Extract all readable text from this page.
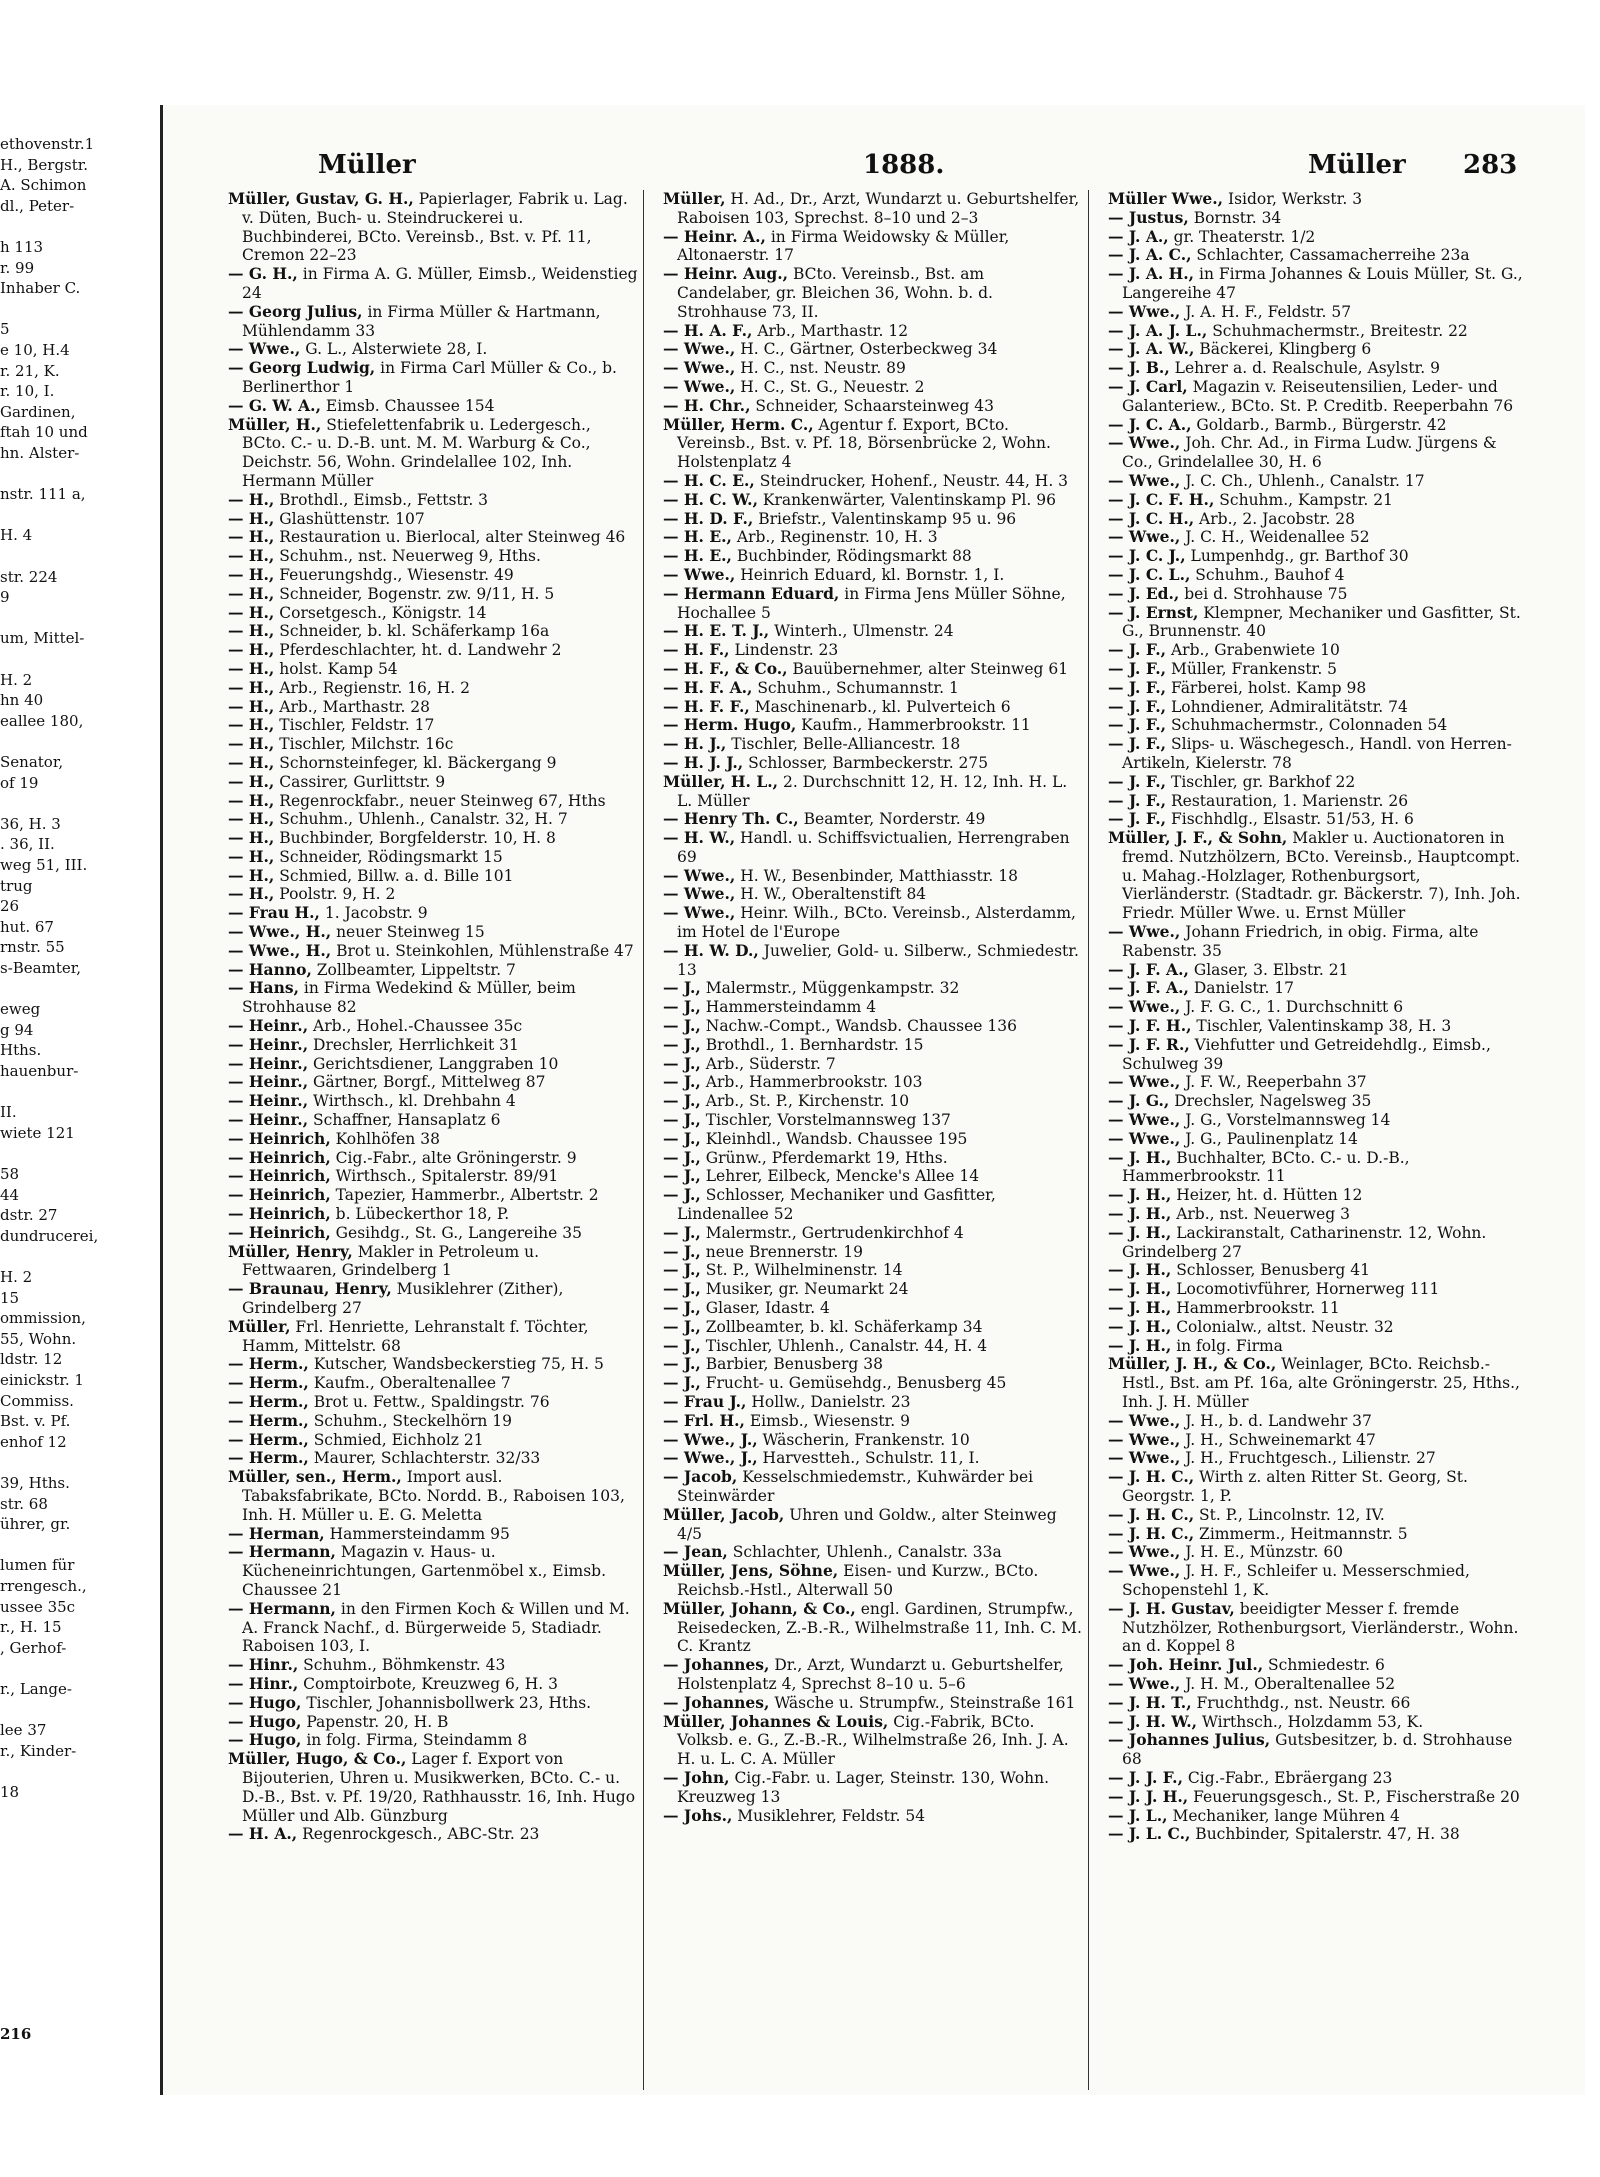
ethovenstr.1
H., Bergstr.
A. Schimon
dl., Peter-
h 113
r. 99
Inhaber C.
5
e 10, H.4
r. 21, K.
r. 10, I.
Gardinen,
ftah 10 und
hn. Alster-
nstr. 111 a,
H. 4
str. 224
9
um, Mittel-
H. 2
hn 40
eallee 180,
Senator,
of 19
36, H. 3
. 36, II.
weg 51, III.
trug
26
hut. 67
rnstr. 55
s-Beamter,
eweg
g 94
Hths.
hauenbur-
II.
wiete 121
58
44
dstr. 27
dundrucerei,
H. 2
15
ommission,
55, Wohn.
ldstr. 12
einickstr. 1
Commiss.
Bst. v. Pf.
enhof 12
39, Hths.
str. 68
ührer, gr.
lumen für
rrengesch.,
ussee 35c
r., H. 15
, Gerhof-
r., Lange-
lee 37
r., Kinder-
18
216
Müller	1888.	Müller 283

Müller, Gustav, G. H., Papierlager, Fabrik u. Lag. v. Düten, Buch- u. Steindruckerei u. Buchbinderei, BCto. Vereinsb., Bst. v. Pf. 11, Cremon 22–23

— G. H., in Firma A. G. Müller, Eimsb., Weidenstieg 24

— Georg Julius, in Firma Müller & Hartmann, Mühlendamm 33

— Wwe., G. L., Alsterwiete 28, I.

— Georg Ludwig, in Firma Carl Müller & Co., b. Berlinerthor 1

— G. W. A., Eimsb. Chaussee 154

Müller, H., Stiefelettenfabrik u. Ledergesch., BCto. C.- u. D.-B. unt. M. M. Warburg & Co., Deichstr. 56, Wohn. Grindelallee 102, Inh. Hermann Müller

— H., Brothdl., Eimsb., Fettstr. 3

— H., Glashüttenstr. 107

— H., Restauration u. Bierlocal, alter Steinweg 46

— H., Schuhm., nst. Neuerweg 9, Hths.

— H., Feuerungshdg., Wiesenstr. 49

— H., Schneider, Bogenstr. zw. 9/11, H. 5

— H., Corsetgesch., Königstr. 14

— H., Schneider, b. kl. Schäferkamp 16a

— H., Pferdeschlachter, ht. d. Landwehr 2

— H., holst. Kamp 54

— H., Arb., Regienstr. 16, H. 2

— H., Arb., Marthastr. 28

— H., Tischler, Feldstr. 17

— H., Tischler, Milchstr. 16c

— H., Schornsteinfeger, kl. Bäckergang 9

— H., Cassirer, Gurlittstr. 9

— H., Regenrockfabr., neuer Steinweg 67, Hths

— H., Schuhm., Uhlenh., Canalstr. 32, H. 7

— H., Buchbinder, Borgfelderstr. 10, H. 8

— H., Schneider, Rödingsmarkt 15

— H., Schmied, Billw. a. d. Bille 101

— H., Poolstr. 9, H. 2

— Frau H., 1. Jacobstr. 9

— Wwe., H., neuer Steinweg 15

— Wwe., H., Brot u. Steinkohlen, Mühlenstraße 47

— Hanno, Zollbeamter, Lippeltstr. 7

— Hans, in Firma Wedekind & Müller, beim Strohhause 82

— Heinr., Arb., Hohel.-Chaussee 35c

— Heinr., Drechsler, Herrlichkeit 31

— Heinr., Gerichtsdiener, Langgraben 10

— Heinr., Gärtner, Borgf., Mittelweg 87

— Heinr., Wirthsch., kl. Drehbahn 4

— Heinr., Schaffner, Hansaplatz 6

— Heinrich, Kohlhöfen 38

— Heinrich, Cig.-Fabr., alte Gröningerstr. 9

— Heinrich, Wirthsch., Spitalerstr. 89/91

— Heinrich, Tapezier, Hammerbr., Albertstr. 2

— Heinrich, b. Lübeckerthor 18, P.

— Heinrich, Gesihdg., St. G., Langereihe 35

Müller, Henry, Makler in Petroleum u. Fettwaaren, Grindelberg 1

— Braunau, Henry, Musiklehrer (Zither), Grindelberg 27

Müller, Frl. Henriette, Lehranstalt f. Töchter, Hamm, Mittelstr. 68

— Herm., Kutscher, Wandsbeckerstieg 75, H. 5

— Herm., Kaufm., Oberaltenallee 7

— Herm., Brot u. Fettw., Spaldingstr. 76

— Herm., Schuhm., Steckelhörn 19

— Herm., Schmied, Eichholz 21

— Herm., Maurer, Schlachterstr. 32/33

Müller, sen., Herm., Import ausl. Tabaksfabrikate, BCto. Nordd. B., Raboisen 103, Inh. H. Müller u. E. G. Meletta

— Herman, Hammersteindamm 95

— Hermann, Magazin v. Haus- u. Kücheneinrichtungen, Gartenmöbel x., Eimsb. Chaussee 21

— Hermann, in den Firmen Koch & Willen und M. A. Franck Nachf., d. Bürgerweide 5, Stadiadr. Raboisen 103, I.

— Hinr., Schuhm., Böhmkenstr. 43

— Hinr., Comptoirbote, Kreuzweg 6, H. 3

— Hugo, Tischler, Johannisbollwerk 23, Hths.

— Hugo, Papenstr. 20, H. B

— Hugo, in folg. Firma, Steindamm 8

Müller, Hugo, & Co., Lager f. Export von Bijouterien, Uhren u. Musikwerken, BCto. C.- u. D.-B., Bst. v. Pf. 19/20, Rathhausstr. 16, Inh. Hugo Müller und Alb. Günzburg

— H. A., Regenrockgesch., ABC-Str. 23

Müller, H. Ad., Dr., Arzt, Wundarzt u. Geburtshelfer, Raboisen 103, Sprechst. 8–10 und 2–3

— Heinr. A., in Firma Weidowsky & Müller, Altonaerstr. 17

— Heinr. Aug., BCto. Vereinsb., Bst. am Candelaber, gr. Bleichen 36, Wohn. b. d. Strohhause 73, II.

— H. A. F., Arb., Marthastr. 12

— Wwe., H. C., Gärtner, Osterbeckweg 34

— Wwe., H. C., nst. Neustr. 89

— Wwe., H. C., St. G., Neuestr. 2

— H. Chr., Schneider, Schaarsteinweg 43

Müller, Herm. C., Agentur f. Export, BCto. Vereinsb., Bst. v. Pf. 18, Börsenbrücke 2, Wohn. Holstenplatz 4

— H. C. E., Steindrucker, Hohenf., Neustr. 44, H. 3

— H. C. W., Krankenwärter, Valentinskamp Pl. 96

— H. D. F., Briefstr., Valentinskamp 95 u. 96

— H. E., Arb., Reginenstr. 10, H. 3

— H. E., Buchbinder, Rödingsmarkt 88

— Wwe., Heinrich Eduard, kl. Bornstr. 1, I.

— Hermann Eduard, in Firma Jens Müller Söhne, Hochallee 5

— H. E. T. J., Winterh., Ulmenstr. 24

— H. F., Lindenstr. 23

— H. F., & Co., Bauübernehmer, alter Steinweg 61

— H. F. A., Schuhm., Schumannstr. 1

— H. F. F., Maschinenarb., kl. Pulverteich 6

— Herm. Hugo, Kaufm., Hammerbrookstr. 11

— H. J., Tischler, Belle-Alliancestr. 18

— H. J. J., Schlosser, Barmbeckerstr. 275

Müller, H. L., 2. Durchschnitt 12, H. 12, Inh. H. L. L. Müller

— Henry Th. C., Beamter, Norderstr. 49

— H. W., Handl. u. Schiffsvictualien, Herrengraben 69

— Wwe., H. W., Besenbinder, Matthiasstr. 18

— Wwe., H. W., Oberaltenstift 84

— Wwe., Heinr. Wilh., BCto. Vereinsb., Alsterdamm, im Hotel de l'Europe

— H. W. D., Juwelier, Gold- u. Silberw., Schmiedestr. 13

— J., Malermstr., Müggenkampstr. 32

— J., Hammersteindamm 4

— J., Nachw.-Compt., Wandsb. Chaussee 136

— J., Brothdl., 1. Bernhardstr. 15

— J., Arb., Süderstr. 7

— J., Arb., Hammerbrookstr. 103

— J., Arb., St. P., Kirchenstr. 10

— J., Tischler, Vorstelmannsweg 137

— J., Kleinhdl., Wandsb. Chaussee 195

— J., Grünw., Pferdemarkt 19, Hths.

— J., Lehrer, Eilbeck, Mencke's Allee 14

— J., Schlosser, Mechaniker und Gasfitter, Lindenallee 52

— J., Malermstr., Gertrudenkirchhof 4

— J., neue Brennerstr. 19

— J., St. P., Wilhelminenstr. 14

— J., Musiker, gr. Neumarkt 24

— J., Glaser, Idastr. 4

— J., Zollbeamter, b. kl. Schäferkamp 34

— J., Tischler, Uhlenh., Canalstr. 44, H. 4

— J., Barbier, Benusberg 38

— J., Frucht- u. Gemüsehdg., Benusberg 45

— Frau J., Hollw., Danielstr. 23

— Frl. H., Eimsb., Wiesenstr. 9

— Wwe., J., Wäscherin, Frankenstr. 10

— Wwe., J., Harvestteh., Schulstr. 11, I.

— Jacob, Kesselschmiedemstr., Kuhwärder bei Steinwärder

Müller, Jacob, Uhren und Goldw., alter Steinweg 4/5

— Jean, Schlachter, Uhlenh., Canalstr. 33a

Müller, Jens, Söhne, Eisen- und Kurzw., BCto. Reichsb.-Hstl., Alterwall 50

Müller, Johann, & Co., engl. Gardinen, Strumpfw., Reisedecken, Z.-B.-R., Wilhelmstraße 11, Inh. C. M. C. Krantz

— Johannes, Dr., Arzt, Wundarzt u. Geburtshelfer, Holstenplatz 4, Sprechst 8–10 u. 5–6

— Johannes, Wäsche u. Strumpfw., Steinstraße 161

Müller, Johannes & Louis, Cig.-Fabrik, BCto. Volksb. e. G., Z.-B.-R., Wilhelmstraße 26, Inh. J. A. H. u. L. C. A. Müller

— John, Cig.-Fabr. u. Lager, Steinstr. 130, Wohn. Kreuzweg 13

— Johs., Musiklehrer, Feldstr. 54

Müller Wwe., Isidor, Werkstr. 3

— Justus, Bornstr. 34

— J. A., gr. Theaterstr. 1/2

— J. A. C., Schlachter, Cassamacherreihe 23a

— J. A. H., in Firma Johannes & Louis Müller, St. G., Langereihe 47

— Wwe., J. A. H. F., Feldstr. 57

— J. A. J. L., Schuhmachermstr., Breitestr. 22

— J. A. W., Bäckerei, Klingberg 6

— J. B., Lehrer a. d. Realschule, Asylstr. 9

— J. Carl, Magazin v. Reiseutensilien, Leder- und Galanteriew., BCto. St. P. Creditb. Reeperbahn 76

— J. C. A., Goldarb., Barmb., Bürgerstr. 42

— Wwe., Joh. Chr. Ad., in Firma Ludw. Jürgens & Co., Grindelallee 30, H. 6

— Wwe., J. C. Ch., Uhlenh., Canalstr. 17

— J. C. F. H., Schuhm., Kampstr. 21

— J. C. H., Arb., 2. Jacobstr. 28

— Wwe., J. C. H., Weidenallee 52

— J. C. J., Lumpenhdg., gr. Barthof 30

— J. C. L., Schuhm., Bauhof 4

— J. Ed., bei d. Strohhause 75

— J. Ernst, Klempner, Mechaniker und Gasfitter, St. G., Brunnenstr. 40

— J. F., Arb., Grabenwiete 10

— J. F., Müller, Frankenstr. 5

— J. F., Färberei, holst. Kamp 98

— J. F., Lohndiener, Admiralitätstr. 74

— J. F., Schuhmachermstr., Colonnaden 54

— J. F., Slips- u. Wäschegesch., Handl. von Herren-Artikeln, Kielerstr. 78

— J. F., Tischler, gr. Barkhof 22

— J. F., Restauration, 1. Marienstr. 26

— J. F., Fischhdlg., Elsastr. 51/53, H. 6

Müller, J. F., & Sohn, Makler u. Auctionatoren in fremd. Nutzhölzern, BCto. Vereinsb., Hauptcompt. u. Mahag.-Holzlager, Rothenburgsort, Vierländerstr. (Stadtadr. gr. Bäckerstr. 7), Inh. Joh. Friedr. Müller Wwe. u. Ernst Müller

— Wwe., Johann Friedrich, in obig. Firma, alte Rabenstr. 35

— J. F. A., Glaser, 3. Elbstr. 21

— J. F. A., Danielstr. 17

— Wwe., J. F. G. C., 1. Durchschnitt 6

— J. F. H., Tischler, Valentinskamp 38, H. 3

— J. F. R., Viehfutter und Getreidehdlg., Eimsb., Schulweg 39

— Wwe., J. F. W., Reeperbahn 37

— J. G., Drechsler, Nagelsweg 35

— Wwe., J. G., Vorstelmannsweg 14

— Wwe., J. G., Paulinenplatz 14

— J. H., Buchhalter, BCto. C.- u. D.-B., Hammerbrookstr. 11

— J. H., Heizer, ht. d. Hütten 12

— J. H., Arb., nst. Neuerweg 3

— J. H., Lackiranstalt, Catharinenstr. 12, Wohn. Grindelberg 27

— J. H., Schlosser, Benusberg 41

— J. H., Locomotivführer, Hornerweg 111

— J. H., Hammerbrookstr. 11

— J. H., Colonialw., altst. Neustr. 32

— J. H., in folg. Firma

Müller, J. H., & Co., Weinlager, BCto. Reichsb.-Hstl., Bst. am Pf. 16a, alte Gröningerstr. 25, Hths., Inh. J. H. Müller

— Wwe., J. H., b. d. Landwehr 37

— Wwe., J. H., Schweinemarkt 47

— Wwe., J. H., Fruchtgesch., Lilienstr. 27

— J. H. C., Wirth z. alten Ritter St. Georg, St. Georgstr. 1, P.

— J. H. C., St. P., Lincolnstr. 12, IV.

— J. H. C., Zimmerm., Heitmannstr. 5

— Wwe., J. H. E., Münzstr. 60

— Wwe., J. H. F., Schleifer u. Messerschmied, Schopenstehl 1, K.

— J. H. Gustav, beeidigter Messer f. fremde Nutzhölzer, Rothenburgsort, Vierländerstr., Wohn. an d. Koppel 8

— Joh. Heinr. Jul., Schmiedestr. 6

— Wwe., J. H. M., Oberaltenallee 52

— J. H. T., Fruchthdg., nst. Neustr. 66

— J. H. W., Wirthsch., Holzdamm 53, K.

— Johannes Julius, Gutsbesitzer, b. d. Strohhause 68

— J. J. F., Cig.-Fabr., Ebräergang 23

— J. J. H., Feuerungsgesch., St. P., Fischerstraße 20

— J. L., Mechaniker, lange Mühren 4

— J. L. C., Buchbinder, Spitalerstr. 47, H. 38
